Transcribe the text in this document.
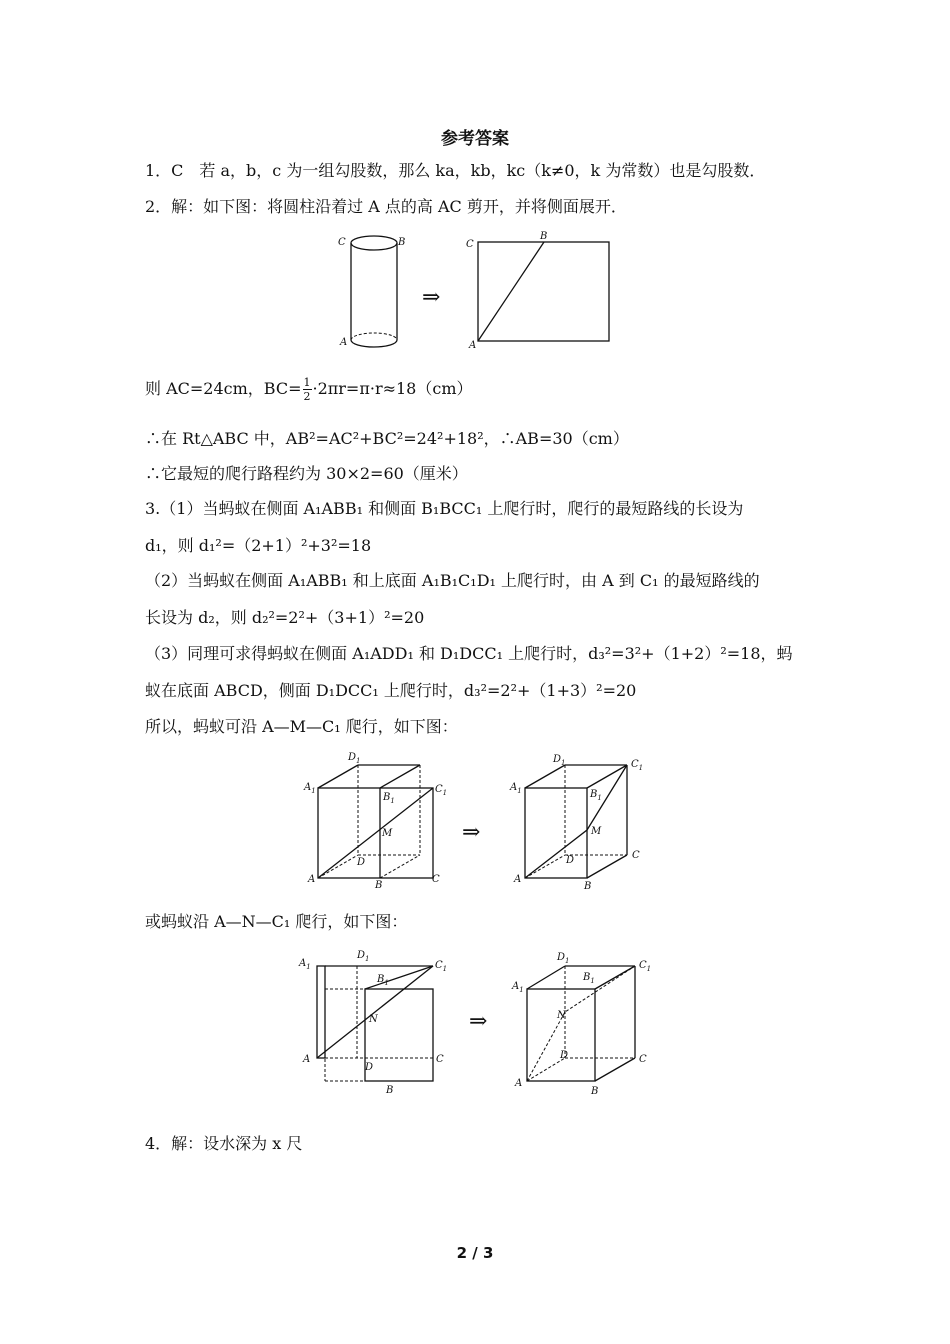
参考答案
1．C　若 a，b，c 为一组勾股数，那么 ka，kb，kc（k≠0，k 为常数）也是勾股数．
2．解：如下图：将圆柱沿着过 A 点的高 AC 剪开，并将侧面展开．
C	B
A
⇒
C
B
A
则 AC=24cm，$BC= \frac{1}{2} \cdot 2\pi r=\pi\cdot r\approx 18(cm)$
∴在 Rt△ABC 中，AB²=AC²+BC²=24²+18²，∴AB=30（cm）
∴它最短的爬行路程约为 30×2=60（厘米）
3.（1）当蚂蚁在侧面 A₁ABB₁ 和侧面 B₁BCC₁ 上爬行时，爬行的最短路线的长设为
d₁，则 d₁²=（2+1）²+3²=18
（2）当蚂蚁在侧面 A₁ABB₁ 和上底面 A₁B₁C₁D₁ 上爬行时，由 A 到 C₁ 的最短路线的
长设为 d₂，则 d₂²=2²+（3+1）²=20
（3）同理可求得蚂蚁在侧面 A₁ADD₁ 和 D₁DCC₁ 上爬行时，d₃²=3²+（1+2）²=18，蚂
蚁在底面 ABCD，侧面 D₁DCC₁ 上爬行时，d₃²=2²+（1+3）²=20
所以，蚂蚁可沿 A—M—C₁ 爬行，如下图：
$A_1$
$D_1$
$C_1$
$B_1$
M
D
A
B
C
⇒
$A_1$
$D_1$	$C_1$
$B_1$
M
D
A
B
C
或蚂蚁沿 A—N—C₁ 爬行，如下图：
$A_1$
$D_1$
$C_1$
$B_1$
N
D
A
B
C
⇒
$A_1$
$D_1$	$C_1$
$B_1$
N
D
A
B
C
4．解：设水深为 x 尺
2 / 3
